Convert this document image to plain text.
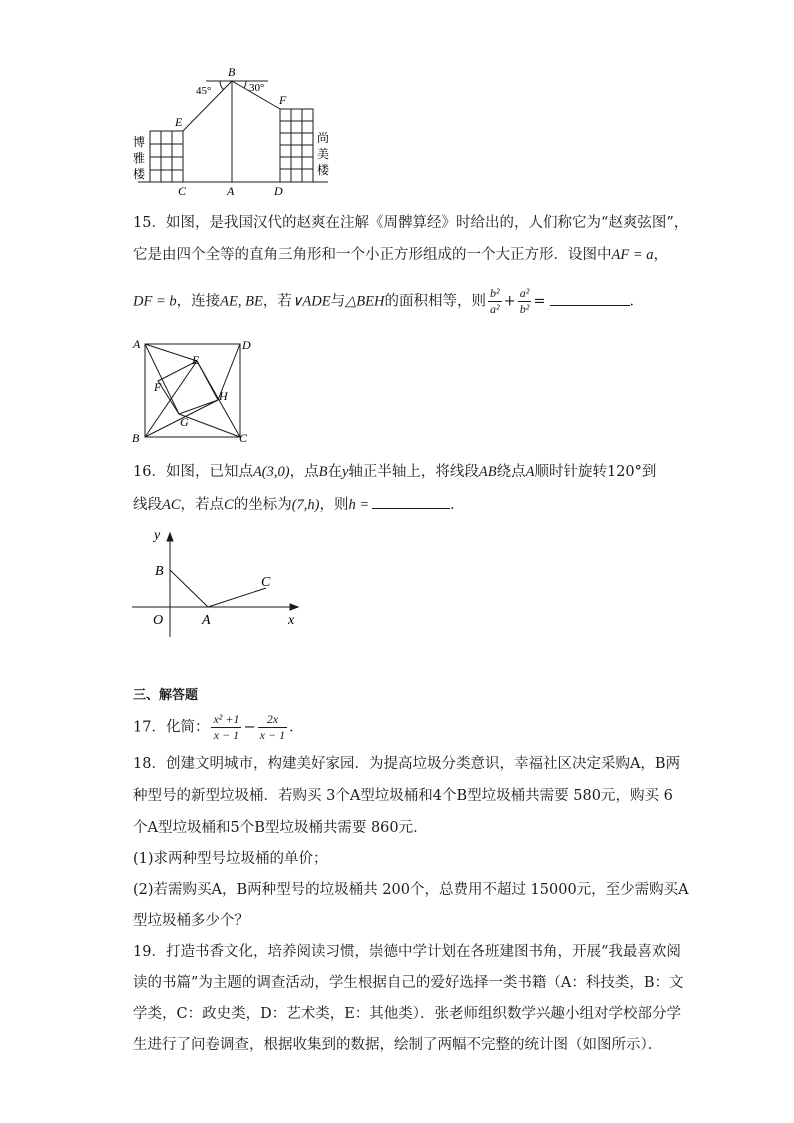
B
45°	30°
E
F
C	A	D
博
雅
楼
尚
美
楼
15．如图，是我国汉代的赵爽在注解《周髀算经》时给出的，人们称它为“赵爽弦图”，
它是由四个全等的直角三角形和一个小正方形组成的一个大正方形．设图中AF = a，
DF = b，连接AE, BE，若∨ADE与△BEH的面积相等，则 $\frac{\text{b²}}{\text{a²}} + \frac{\text{a²}}{\text{b²}}$ =	．
A	D
E
F
H
G
B	C
16．如图，已知点A(3,0)，点B在y轴正半轴上，将线段AB绕点A顺时针旋转120°到
线段AC，若点C的坐标为(7,h)，则h =	．
y
B
C
O	A	x
三、解答题
17．化简： $\frac{\text{x² +1}}{x - 1} - \frac{2x}{x - 1}$ ．
18．创建文明城市，构建美好家园．为提高垃圾分类意识，幸福社区决定采购A，B两
种型号的新型垃圾桶．若购买 3个A型垃圾桶和4个B型垃圾桶共需要 580元，购买 6
个A型垃圾桶和5个B型垃圾桶共需要 860元．
(1)求两种型号垃圾桶的单价；
(2)若需购买A，B两种型号的垃圾桶共 200个，总费用不超过 15000元，至少需购买A
型垃圾桶多少个？
19．打造书香文化，培养阅读习惯，崇德中学计划在各班建图书角，开展“我最喜欢阅
读的书篇”为主题的调查活动，学生根据自己的爱好选择一类书籍（A：科技类，B：文
学类，C：政史类，D：艺术类，E：其他类）．张老师组织数学兴趣小组对学校部分学
生进行了问卷调查，根据收集到的数据，绘制了两幅不完整的统计图（如图所示）．
